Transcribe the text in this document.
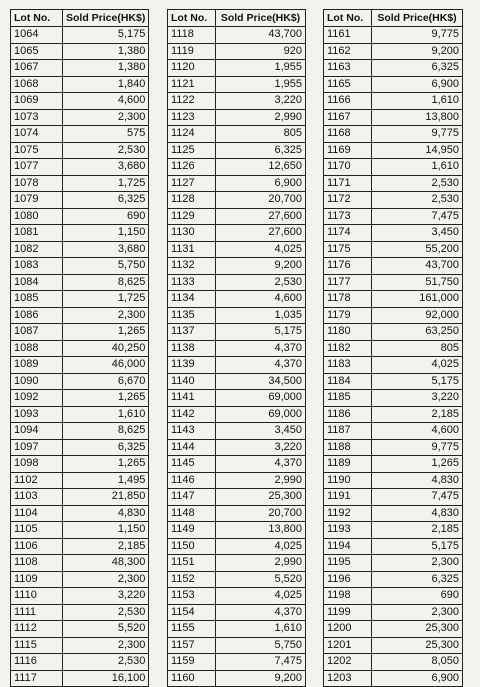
Lot No.	Sold Price(HK$)
1064	5,175
1065	1,380
1067	1,380
1068	1,840
1069	4,600
1073	2,300
1074	575
1075	2,530
1077	3,680
1078	1,725
1079	6,325
1080	690
1081	1,150
1082	3,680
1083	5,750
1084	8,625
1085	1,725
1086	2,300
1087	1,265
1088	40,250
1089	46,000
1090	6,670
1092	1,265
1093	1,610
1094	8,625
1097	6,325
1098	1,265
1102	1,495
1103	21,850
1104	4,830
1105	1,150
1106	2,185
1108	48,300
1109	2,300
1110	3,220
1111	2,530
1112	5,520
1115	2,300
1116	2,530
1117	16,100
Lot No.	Sold Price(HK$)
1118	43,700
1119	920
1120	1,955
1121	1,955
1122	3,220
1123	2,990
1124	805
1125	6,325
1126	12,650
1127	6,900
1128	20,700
1129	27,600
1130	27,600
1131	4,025
1132	9,200
1133	2,530
1134	4,600
1135	1,035
1137	5,175
1138	4,370
1139	4,370
1140	34,500
1141	69,000
1142	69,000
1143	3,450
1144	3,220
1145	4,370
1146	2,990
1147	25,300
1148	20,700
1149	13,800
1150	4,025
1151	2,990
1152	5,520
1153	4,025
1154	4,370
1155	1,610
1157	5,750
1159	7,475
1160	9,200
Lot No.	Sold Price(HK$)
1161	9,775
1162	9,200
1163	6,325
1165	6,900
1166	1,610
1167	13,800
1168	9,775
1169	14,950
1170	1,610
1171	2,530
1172	2,530
1173	7,475
1174	3,450
1175	55,200
1176	43,700
1177	51,750
1178	161,000
1179	92,000
1180	63,250
1182	805
1183	4,025
1184	5,175
1185	3,220
1186	2,185
1187	4,600
1188	9,775
1189	1,265
1190	4,830
1191	7,475
1192	4,830
1193	2,185
1194	5,175
1195	2,300
1196	6,325
1198	690
1199	2,300
1200	25,300
1201	25,300
1202	8,050
1203	6,900
